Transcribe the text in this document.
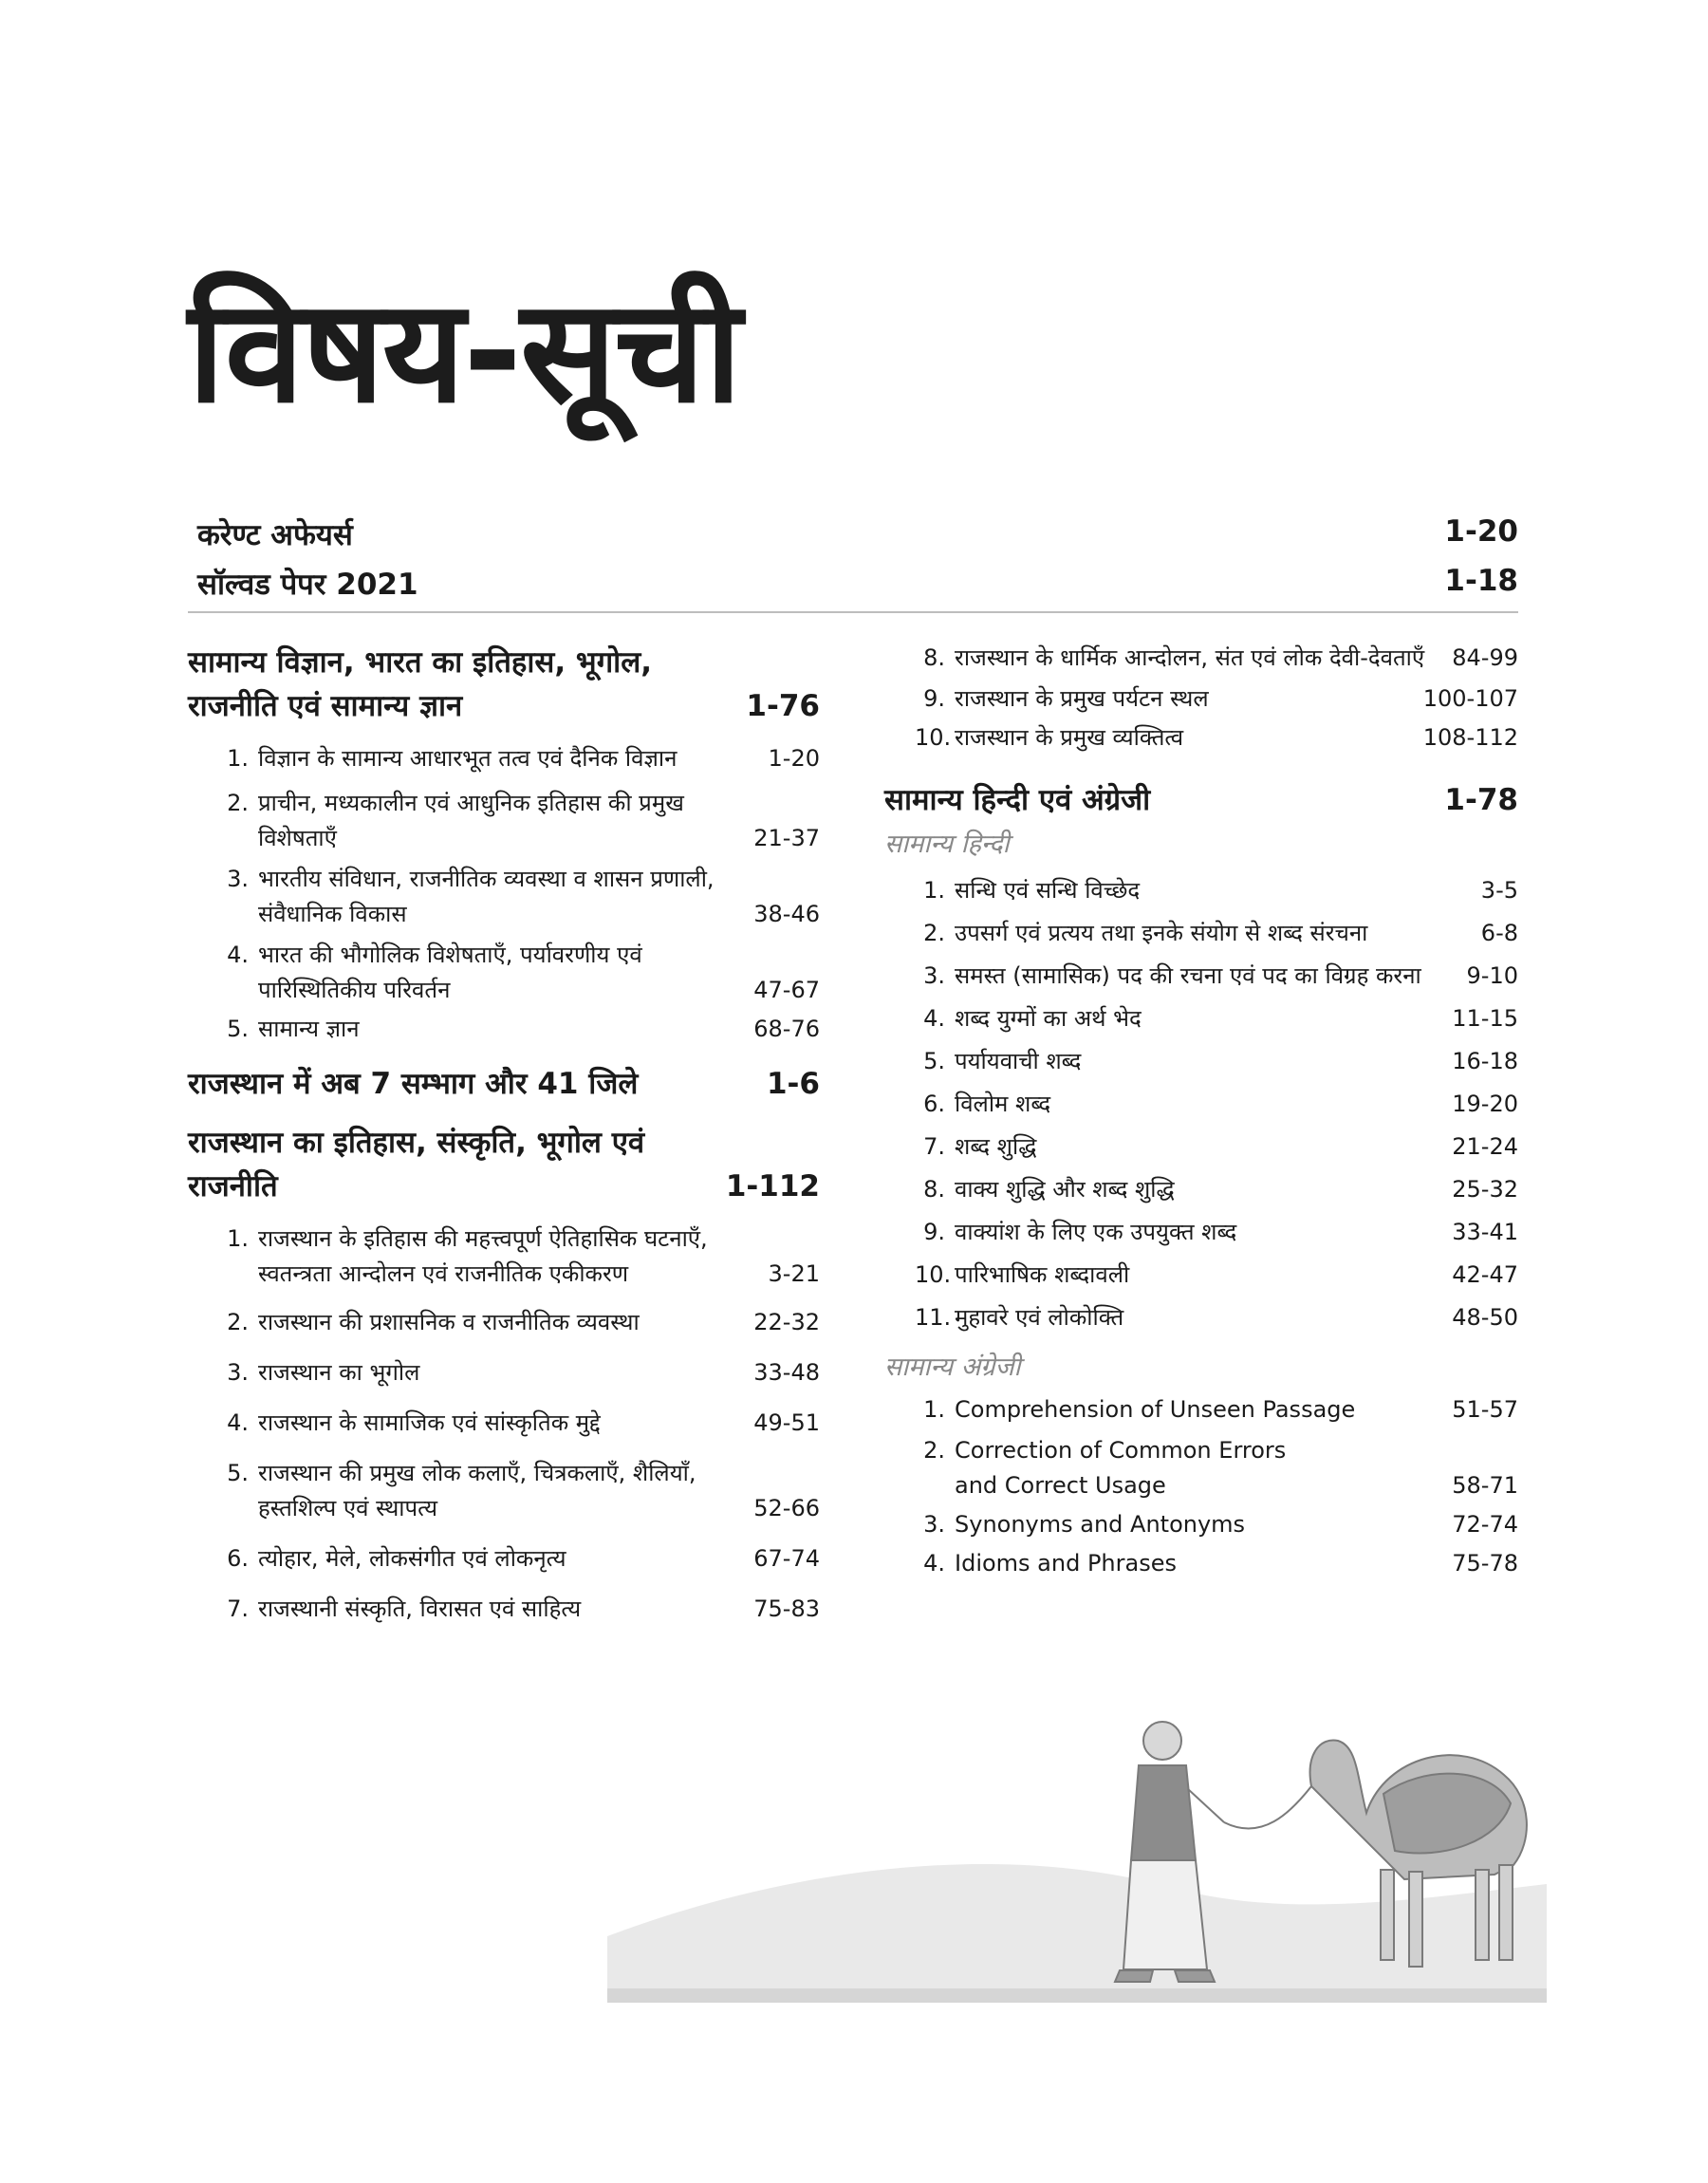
विषय-सूची
करेण्ट अफेयर्स	1-20
सॉल्वड पेपर 2021	1-18
सामान्य विज्ञान, भारत का इतिहास, भूगोल, राजनीति एवं सामान्य ज्ञान	1-76
1. विज्ञान के सामान्य आधारभूत तत्व एवं दैनिक विज्ञान	1-20
2. प्राचीन, मध्यकालीन एवं आधुनिक इतिहास की प्रमुख विशेषताएँ	21-37
3. भारतीय संविधान, राजनीतिक व्यवस्था व शासन प्रणाली, संवैधानिक विकास	38-46
4. भारत की भौगोलिक विशेषताएँ, पर्यावरणीय एवं पारिस्थितिकीय परिवर्तन	47-67
5. सामान्य ज्ञान	68-76
राजस्थान में अब 7 सम्भाग और 41 जिले	1-6
राजस्थान का इतिहास, संस्कृति, भूगोल एवं राजनीति	1-112
1. राजस्थान के इतिहास की महत्त्वपूर्ण ऐतिहासिक घटनाएँ, स्वतन्त्रता आन्दोलन एवं राजनीतिक एकीकरण	3-21
2. राजस्थान की प्रशासनिक व राजनीतिक व्यवस्था	22-32
3. राजस्थान का भूगोल	33-48
4. राजस्थान के सामाजिक एवं सांस्कृतिक मुद्दे	49-51
5. राजस्थान की प्रमुख लोक कलाएँ, चित्रकलाएँ, शैलियाँ, हस्तशिल्प एवं स्थापत्य	52-66
6. त्योहार, मेले, लोकसंगीत एवं लोकनृत्य	67-74
7. राजस्थानी संस्कृति, विरासत एवं साहित्य	75-83
8. राजस्थान के धार्मिक आन्दोलन, संत एवं लोक देवी-देवताएँ 84-99
9. राजस्थान के प्रमुख पर्यटन स्थल	100-107
10. राजस्थान के प्रमुख व्यक्तित्व	108-112
सामान्य हिन्दी एवं अंग्रेजी	1-78
सामान्य हिन्दी
1. सन्धि एवं सन्धि विच्छेद	3-5
2. उपसर्ग एवं प्रत्यय तथा इनके संयोग से शब्द संरचना	6-8
3. समस्त (सामासिक) पद की रचना एवं पद का विग्रह करना 9-10
4. शब्द युग्मों का अर्थ भेद	11-15
5. पर्यायवाची शब्द	16-18
6. विलोम शब्द	19-20
7. शब्द शुद्धि	21-24
8. वाक्य शुद्धि और शब्द शुद्धि	25-32
9. वाक्यांश के लिए एक उपयुक्त शब्द	33-41
10. पारिभाषिक शब्दावली	42-47
11. मुहावरे एवं लोकोक्ति	48-50
सामान्य अंग्रेजी
1. Comprehension of Unseen Passage	51-57
2. Correction of Common Errors and Correct Usage	58-71
3. Synonyms and Antonyms	72-74
4. Idioms and Phrases	75-78
